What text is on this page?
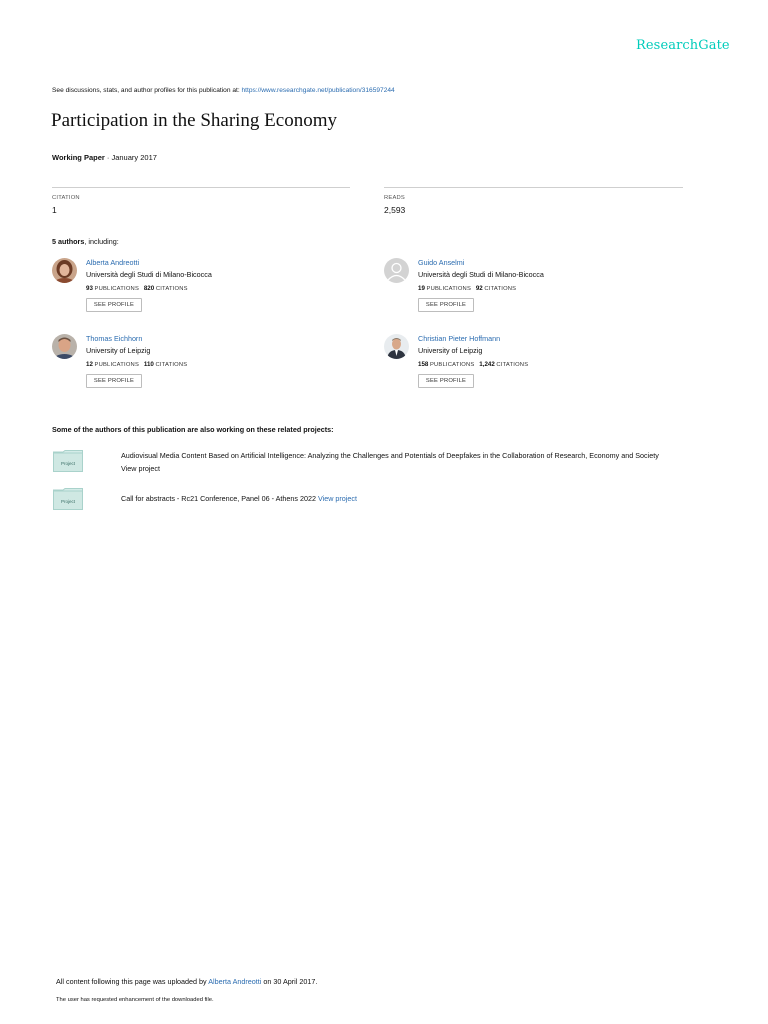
ResearchGate
See discussions, stats, and author profiles for this publication at: https://www.researchgate.net/publication/316597244
Participation in the Sharing Economy
Working Paper · January 2017
CITATION
1
READS
2,593
5 authors, including:
Alberta Andreotti
Università degli Studi di Milano-Bicocca
93 PUBLICATIONS 820 CITATIONS
SEE PROFILE
Guido Anselmi
Università degli Studi di Milano-Bicocca
19 PUBLICATIONS 92 CITATIONS
SEE PROFILE
Thomas Eichhorn
University of Leipzig
12 PUBLICATIONS 110 CITATIONS
SEE PROFILE
Christian Pieter Hoffmann
University of Leipzig
158 PUBLICATIONS 1,242 CITATIONS
SEE PROFILE
Some of the authors of this publication are also working on these related projects:
Project
Audiovisual Media Content Based on Artificial Intelligence: Analyzing the Challenges and Potentials of Deepfakes in the Collaboration of Research, Economy and Society
View project
Project	Call for abstracts - Rc21 Conference, Panel 06 - Athens 2022 View project
All content following this page was uploaded by Alberta Andreotti on 30 April 2017.
The user has requested enhancement of the downloaded file.
